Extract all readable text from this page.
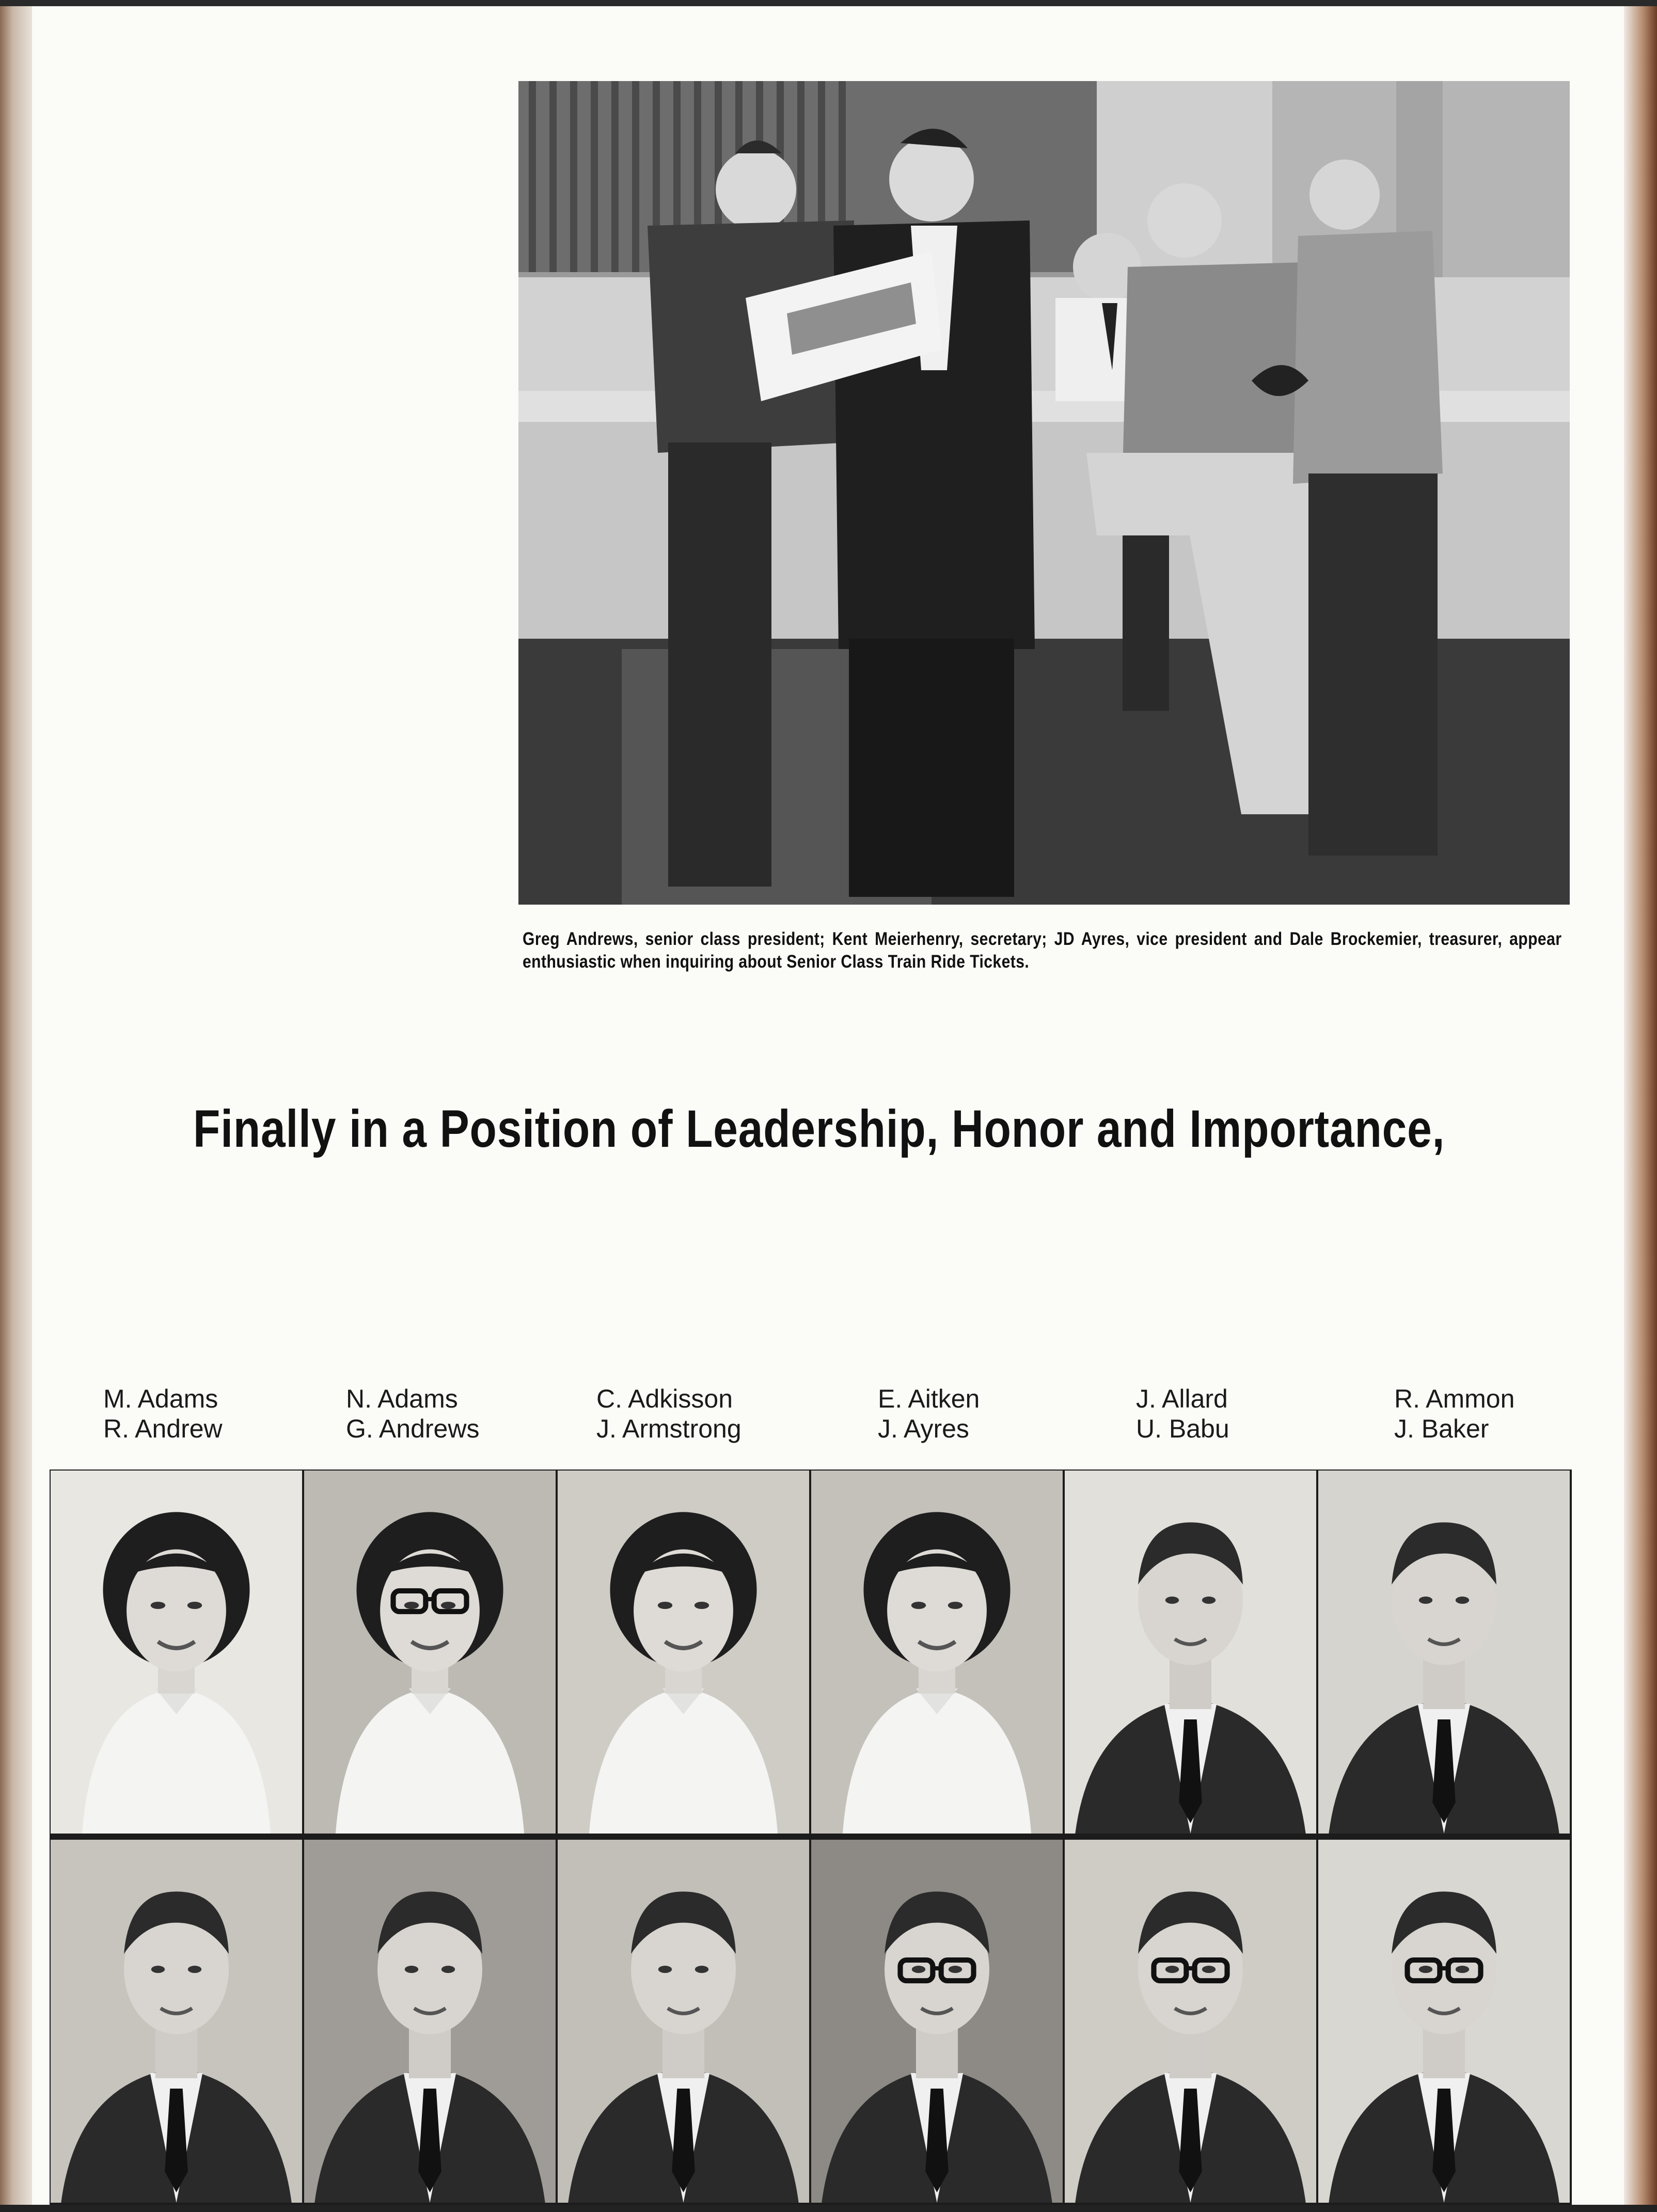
Greg Andrews, senior class president; Kent Meierhenry, secretary; JD Ayres, vice president and Dale Brockemier, treasurer, appear enthusiastic when inquiring about Senior Class Train Ride Tickets.
Finally in a Position of Leadership, Honor and Importance,
M. Adams
R. Andrew
N. Adams
G. Andrews
C. Adkisson
J. Armstrong
E. Aitken
J. Ayres
J. Allard
U. Babu
R. Ammon
J. Baker
